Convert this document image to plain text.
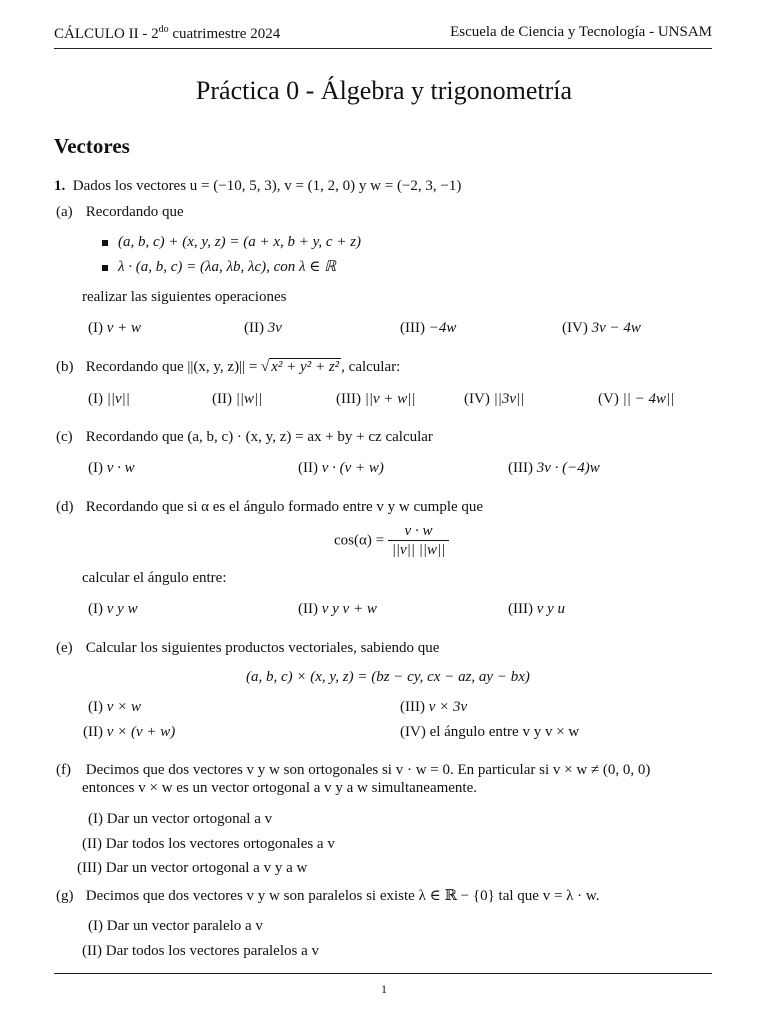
CÁLCULO II - $2^{do}$ cuatrimestre 2024	Escuela de Ciencia y Tecnología - UNSAM
Práctica 0 - Álgebra y trigonometría
Vectores
1. Dados los vectores u = (−10, 5, 3), v = (1, 2, 0) y w = (−2, 3, −1)
(a) Recordando que
(a, b, c) + (x, y, z) = (a + x, b + y, c + z)
λ · (a, b, c) = (λa, λb, λc), con λ ∈ ℝ
realizar las siguientes operaciones
(I) v + w	(II) 3v	(III) −4w	(IV) 3v − 4w
(b) Recordando que ||(x, y, z)|| = √ x² + y² + z² , calcular:
(I) ||v||	(II) ||w||	(III) ||v + w||	(IV) ||3v||	(V) || − 4w||
(c) Recordando que (a, b, c) · (x, y, z) = ax + by + cz calcular
(I) v · w	(II) v · (v + w)	(III) 3v · (−4)w
(d) Recordando que si α es el ángulo formado entre v y w cumple que
$\cos(\alpha) = \frac{v \cdot w}{||v|| ||w||}$
calcular el ángulo entre:
(I) v y w	(II) v y v + w	(III) v y u
(e) Calcular los siguientes productos vectoriales, sabiendo que
(a, b, c) × (x, y, z) = (bz − cy, cx − az, ay − bx)
(I) v × w	(III) v × 3v
(II) v × (v + w)	(IV) el ángulo entre v y v × w
(f) Decimos que dos vectores v y w son ortogonales si v · w = 0. En particular si v × w ≠ (0, 0, 0)
entonces v × w es un vector ortogonal a v y a w simultaneamente.
(I) Dar un vector ortogonal a v
(II) Dar todos los vectores ortogonales a v
(III) Dar un vector ortogonal a v y a w
(g) Decimos que dos vectores v y w son paralelos si existe λ ∈ ℝ − {0} tal que v = λ · w.
(I) Dar un vector paralelo a v
(II) Dar todos los vectores paralelos a v
1
